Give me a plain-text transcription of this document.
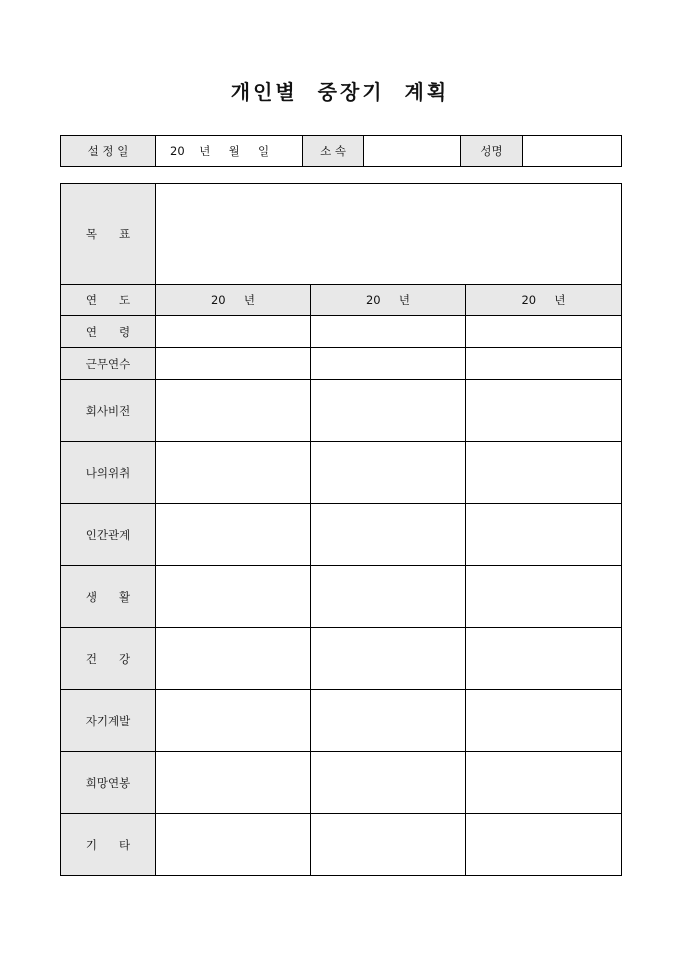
개인별  중장기  계획
설 정 일	20    년     월     일	소 속		성명	
목      표			
연      도	20     년	20     년	20     년
연      령			
근무연수			
회사비전			
나의위취			
인간관계			
생      활			
건      강			
자기계발			
희망연봉			
기      타			
